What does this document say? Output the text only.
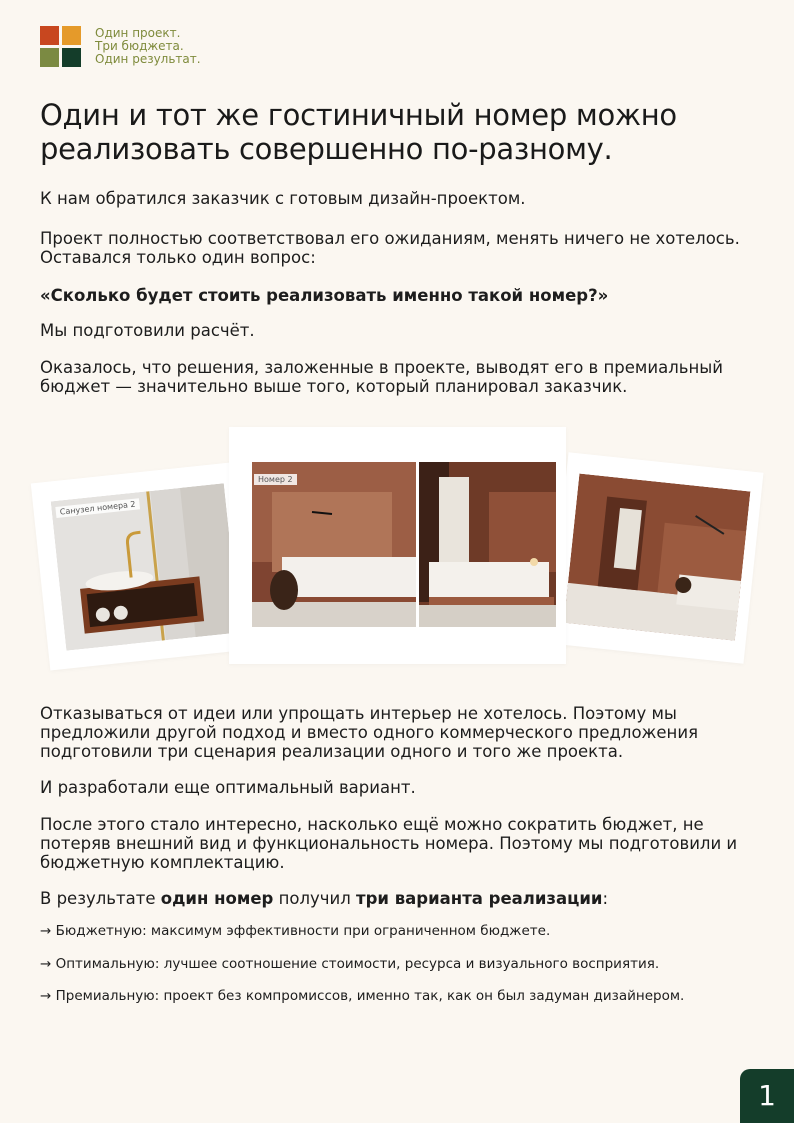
Один проект.
Три бюджета.
Один результат.
Один и тот же гостиничный номер можно реализовать совершенно по-разному.
К нам обратился заказчик с готовым дизайн-проектом.
Проект полностью соответствовал его ожиданиям, менять ничего не хотелось. Оставался только один вопрос:
«Сколько будет стоить реализовать именно такой номер?»
Мы подготовили расчёт.
Оказалось, что решения, заложенные в проекте, выводят его в премиальный бюджет — значительно выше того, который планировал заказчик.
Санузел номера 2
Номер 2
Отказываться от идеи или упрощать интерьер не хотелось. Поэтому мы предложили другой подход и вместо одного коммерческого предложения подготовили три сценария реализации одного и того же проекта.
И разработали еще оптимальный вариант.
После этого стало интересно, насколько ещё можно сократить бюджет, не потеряв внешний вид и функциональность номера. Поэтому мы подготовили и бюджетную комплектацию.
В результате один номер получил три варианта реализации:
→ Бюджетную: максимум эффективности при ограниченном бюджете.
→ Оптимальную: лучшее соотношение стоимости, ресурса и визуального восприятия.
→ Премиальную: проект без компромиссов, именно так, как он был задуман дизайнером.
1
